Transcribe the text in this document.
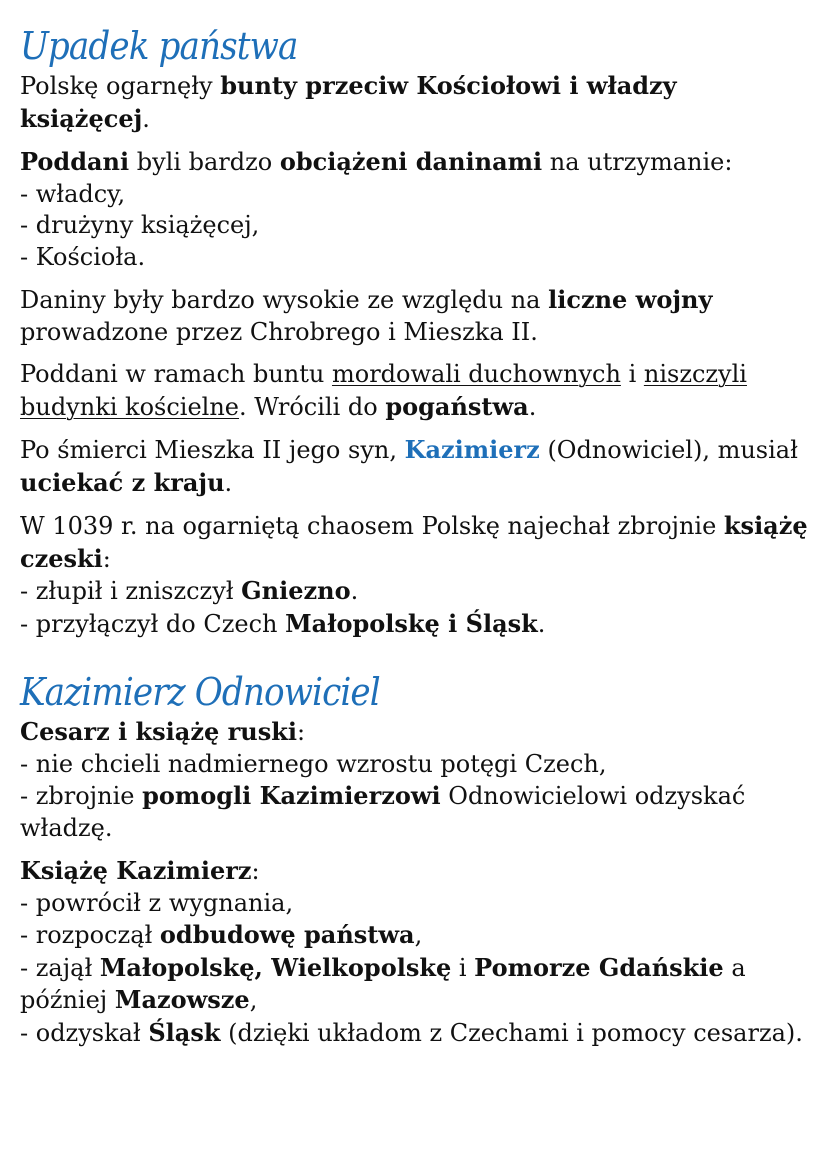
Upadek państwa

Polskę ogarnęły bunty przeciw Kościołowi i władzy książęcej.

Poddani byli bardzo obciążeni daninami na utrzymanie:
- władcy,
- drużyny książęcej,
- Kościoła.

Daniny były bardzo wysokie ze względu na liczne wojny prowadzone przez Chrobrego i Mieszka II.

Poddani w ramach buntu mordowali duchownych i niszczyli budynki kościelne. Wrócili do pogaństwa.

Po śmierci Mieszka II jego syn, Kazimierz (Odnowiciel), musiał uciekać z kraju.

W 1039 r. na ogarniętą chaosem Polskę najechał zbrojnie książę czeski:
- złupił i zniszczył Gniezno.
- przyłączył do Czech Małopolskę i Śląsk.

Kazimierz Odnowiciel

Cesarz i książę ruski:
- nie chcieli nadmiernego wzrostu potęgi Czech,
- zbrojnie pomogli Kazimierzowi Odnowicielowi odzyskać władzę.

Książę Kazimierz:
- powrócił z wygnania,
- rozpoczął odbudowę państwa,
- zajął Małopolskę, Wielkopolskę i Pomorze Gdańskie a później Mazowsze,
- odzyskał Śląsk (dzięki układom z Czechami i pomocy cesarza).
